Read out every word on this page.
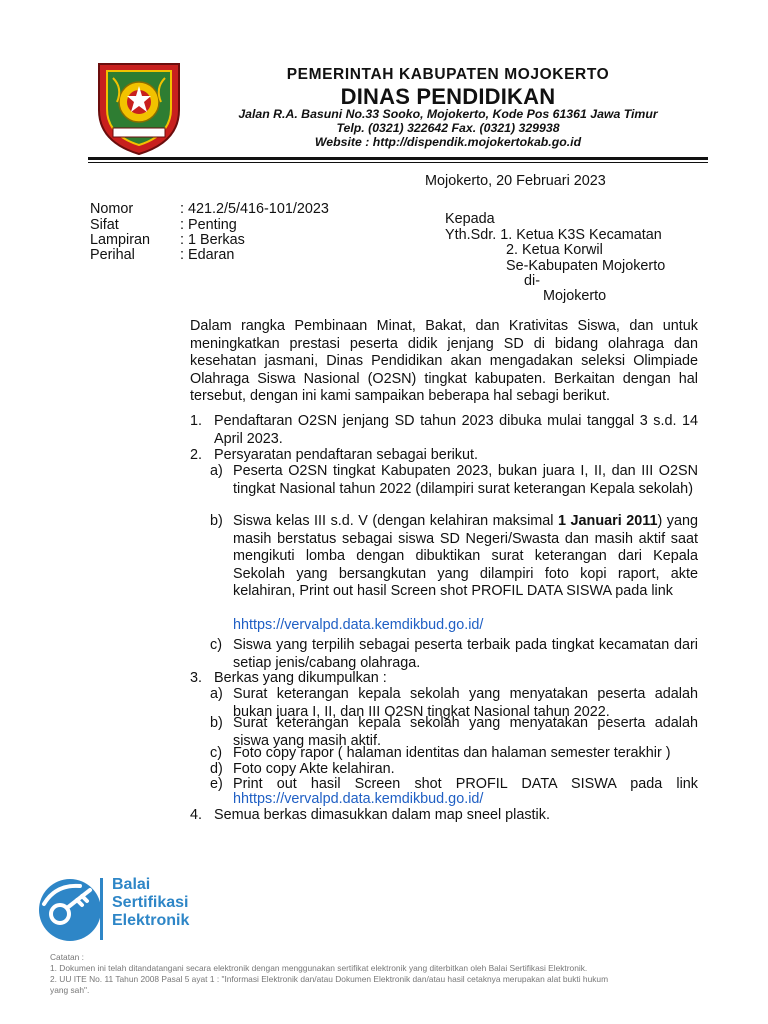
PEMERINTAH KABUPATEN MOJOKERTO
DINAS PENDIDIKAN
Jalan R.A. Basuni No.33 Sooko, Mojokerto, Kode Pos 61361 Jawa Timur
Telp. (0321) 322642 Fax. (0321) 329938
Website : http://dispendik.mojokertokab.go.id
Mojokerto, 20 Februari 2023
Nomor	: 421.2/5/416-101/2023
Sifat	: Penting
Lampiran : 1 Berkas
Perihal	: Edaran
Kepada
Yth.Sdr. 1. Ketua K3S Kecamatan
2. Ketua Korwil
Se-Kabupaten Mojokerto
di-
Mojokerto
Dalam rangka Pembinaan Minat, Bakat, dan Krativitas Siswa, dan untuk meningkatkan prestasi peserta didik jenjang SD di bidang olahraga dan kesehatan jasmani, Dinas Pendidikan akan mengadakan seleksi Olimpiade Olahraga Siswa Nasional (O2SN) tingkat kabupaten. Berkaitan dengan hal tersebut, dengan ini kami sampaikan beberapa hal sebagi berikut.
1. Pendaftaran O2SN jenjang SD tahun 2023 dibuka mulai tanggal 3 s.d. 14 April 2023.
2. Persyaratan pendaftaran sebagai berikut.
a) Peserta O2SN tingkat Kabupaten 2023, bukan juara I, II, dan III O2SN tingkat Nasional tahun 2022 (dilampiri surat keterangan Kepala sekolah)
b) Siswa kelas III s.d. V (dengan kelahiran maksimal 1 Januari 2011) yang masih berstatus sebagai siswa SD Negeri/Swasta dan masih aktif saat mengikuti lomba dengan dibuktikan surat keterangan dari Kepala Sekolah yang bersangkutan yang dilampiri foto kopi raport, akte kelahiran, Print out hasil Screen shot PROFIL DATA SISWA pada link
hhttps://vervalpd.data.kemdikbud.go.id/
c) Siswa yang terpilih sebagai peserta terbaik pada tingkat kecamatan dari setiap jenis/cabang olahraga.
3. Berkas yang dikumpulkan :
a) Surat keterangan kepala sekolah yang menyatakan peserta adalah bukan juara I, II, dan III O2SN tingkat Nasional tahun 2022.
b) Surat keterangan kepala sekolah yang menyatakan peserta adalah siswa yang masih aktif.
c) Foto copy rapor ( halaman identitas dan halaman semester terakhir )
d) Foto copy Akte kelahiran.
e) Print out hasil Screen shot PROFIL DATA SISWA pada link
hhttps://vervalpd.data.kemdikbud.go.id/
4. Semua berkas dimasukkan dalam map sneel plastik.
Balai
Sertifikasi
Elektronik
Catatan :
1. Dokumen ini telah ditandatangani secara elektronik dengan menggunakan sertifikat elektronik yang diterbitkan oleh Balai Sertifikasi Elektronik.
2. UU ITE No. 11 Tahun 2008 Pasal 5 ayat 1 : "Informasi Elektronik dan/atau Dokumen Elektronik dan/atau hasil cetaknya merupakan alat bukti hukum
yang sah".
